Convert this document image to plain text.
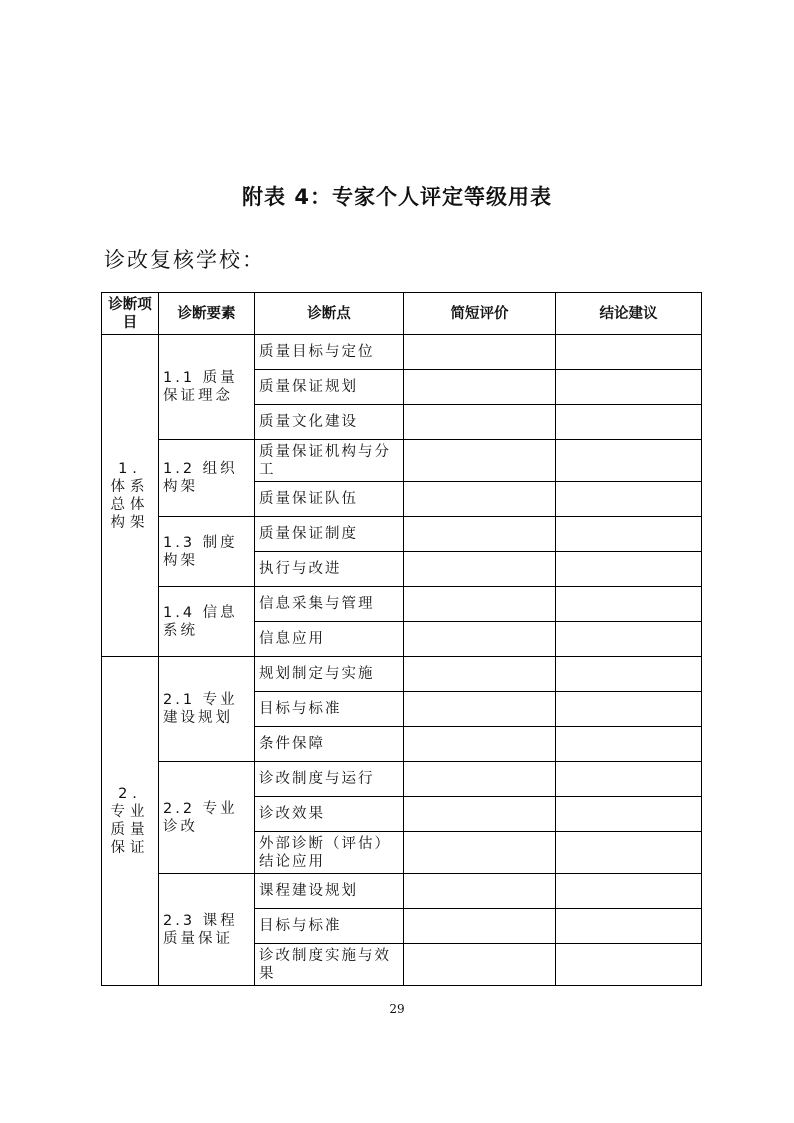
附表 4：专家个人评定等级用表
诊改复核学校：
诊断项目	诊断要素	诊断点	简短评价	结论建议
1. 体系总体构架	1.1 质量保证理念	质量目标与定位		
		质量保证规划		
		质量文化建设		
	1.2 组织构架	质量保证机构与分工		
		质量保证队伍		
	1.3 制度构架	质量保证制度		
		执行与改进		
	1.4 信息系统	信息采集与管理		
		信息应用		
2. 专业质量保证	2.1 专业建设规划	规划制定与实施		
		目标与标准		
		条件保障		
	2.2 专业诊改	诊改制度与运行		
		诊改效果		
		外部诊断（评估）结论应用		
	2.3 课程质量保证	课程建设规划		
		目标与标准		
		诊改制度实施与效果		
29
